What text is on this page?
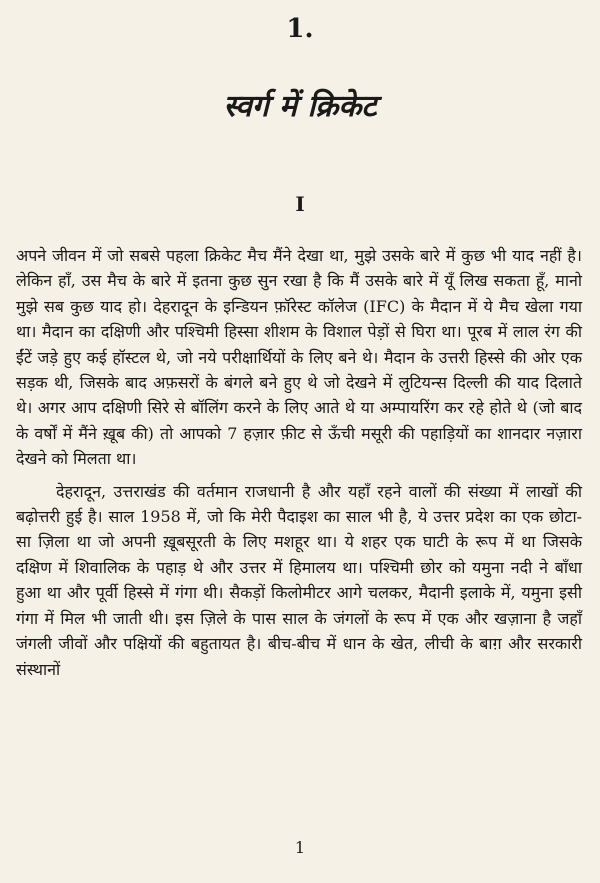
1.
स्वर्ग में क्रिकेट
I

अपने जीवन में जो सबसे पहला क्रिकेट मैच मैंने देखा था, मुझे उसके बारे में कुछ भी याद नहीं है। लेकिन हाँ, उस मैच के बारे में इतना कुछ सुन रखा है कि मैं उसके बारे में यूँ लिख सकता हूँ, मानो मुझे सब कुछ याद हो। देहरादून के इन्डियन फ़ॉरेस्ट कॉलेज (IFC) के मैदान में ये मैच खेला गया था। मैदान का दक्षिणी और पश्चिमी हिस्सा शीशम के विशाल पेड़ों से घिरा था। पूरब में लाल रंग की ईंटें जड़े हुए कई हॉस्टल थे, जो नये परीक्षार्थियों के लिए बने थे। मैदान के उत्तरी हिस्से की ओर एक सड़क थी, जिसके बाद अफ़सरों के बंगले बने हुए थे जो देखने में लुटियन्स दिल्ली की याद दिलाते थे। अगर आप दक्षिणी सिरे से बॉलिंग करने के लिए आते थे या अम्पायरिंग कर रहे होते थे (जो बाद के वर्षों में मैंने ख़ूब की) तो आपको 7 हज़ार फ़ीट से ऊँची मसूरी की पहाड़ियों का शानदार नज़ारा देखने को मिलता था।

देहरादून, उत्तराखंड की वर्तमान राजधानी है और यहाँ रहने वालों की संख्या में लाखों की बढ़ोत्तरी हुई है। साल 1958 में, जो कि मेरी पैदाइश का साल भी है, ये उत्तर प्रदेश का एक छोटा-सा ज़िला था जो अपनी ख़ूबसूरती के लिए मशहूर था। ये शहर एक घाटी के रूप में था जिसके दक्षिण में शिवालिक के पहाड़ थे और उत्तर में हिमालय था। पश्चिमी छोर को यमुना नदी ने बाँधा हुआ था और पूर्वी हिस्से में गंगा थी। सैकड़ों किलोमीटर आगे चलकर, मैदानी इलाके में, यमुना इसी गंगा में मिल भी जाती थी। इस ज़िले के पास साल के जंगलों के रूप में एक और खज़ाना है जहाँ जंगली जीवों और पक्षियों की बहुतायत है। बीच-बीच में धान के खेत, लीची के बाग़ और सरकारी संस्थानों

1
